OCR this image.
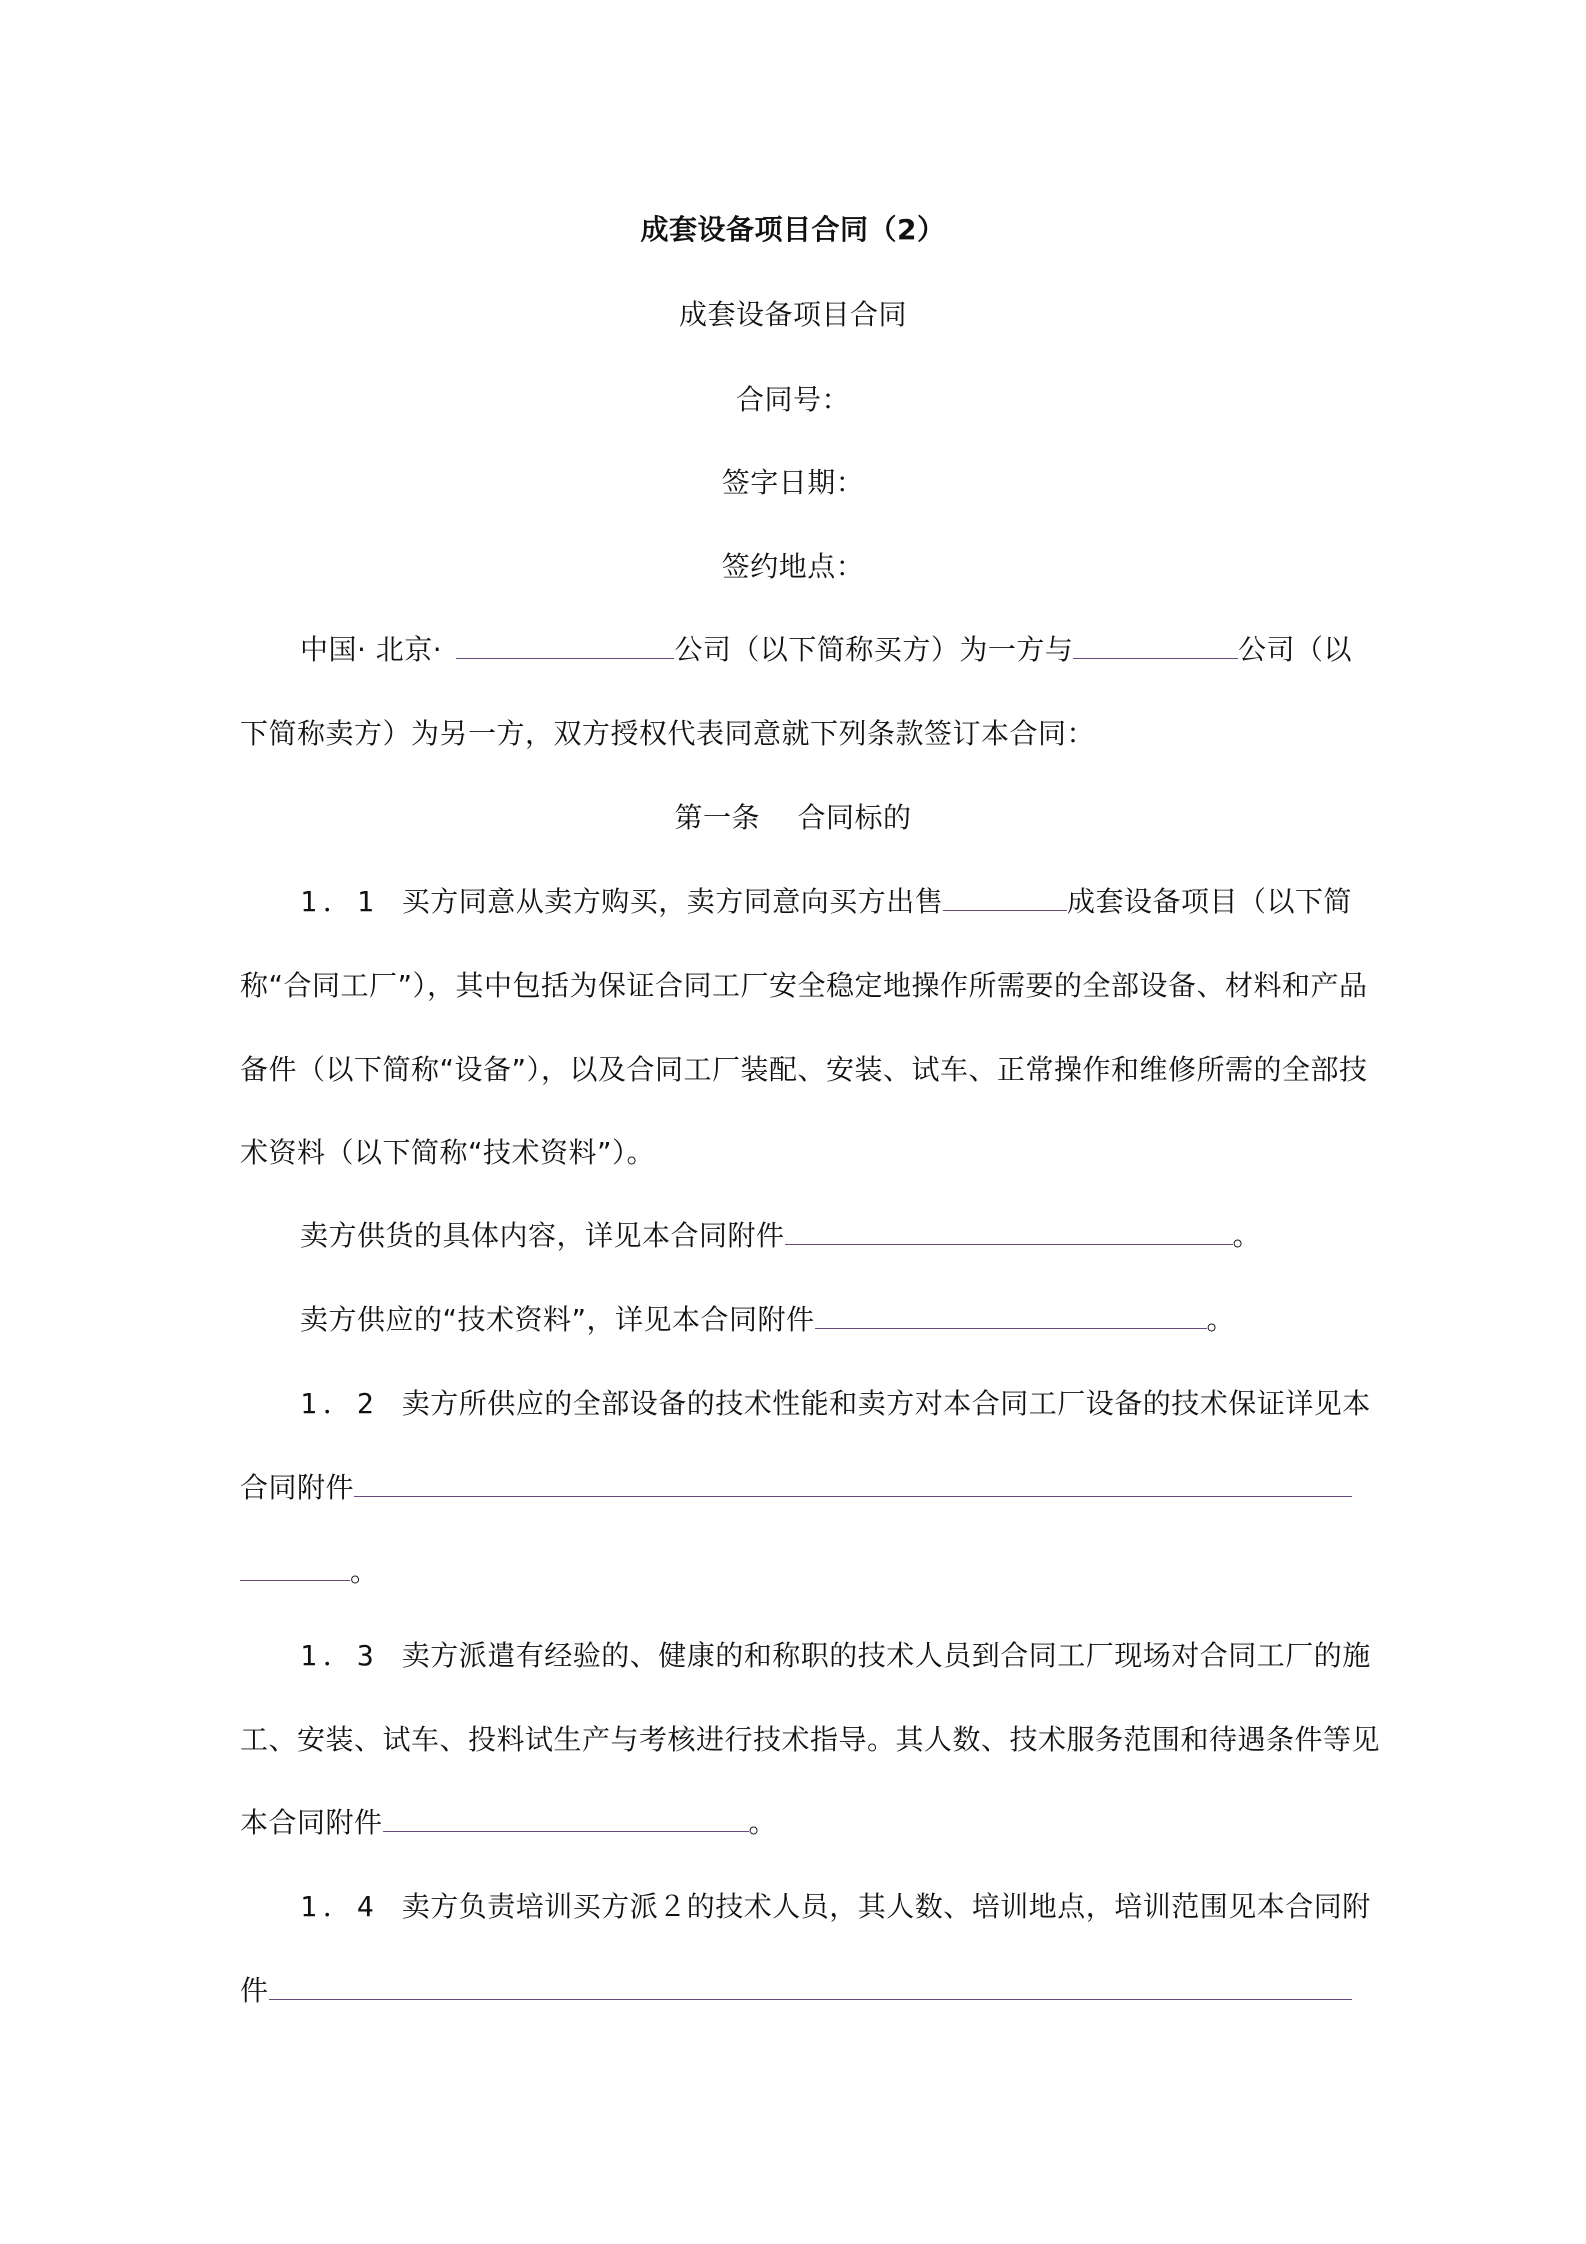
成套设备项目合同（2）
成套设备项目合同
合同号：
签字日期：
签约地点：
中国· 北京·	公司（以下简称买方）为一方与	公司（以
下简称卖方）为另一方，双方授权代表同意就下列条款签订本合同：
第一条    合同标的
1．1 买方同意从卖方购买，卖方同意向买方出售	成套设备项目（以下简
称“合同工厂”），其中包括为保证合同工厂安全稳定地操作所需要的全部设备、材料和产品
备件（以下简称“设备”），以及合同工厂装配、安装、试车、正常操作和维修所需的全部技
术资料（以下简称“技术资料”）。
卖方供货的具体内容，详见本合同附件	。
卖方供应的“技术资料”，详见本合同附件	。
1．2 卖方所供应的全部设备的技术性能和卖方对本合同工厂设备的技术保证详见本
合同附件
。
1．3 卖方派遣有经验的、健康的和称职的技术人员到合同工厂现场对合同工厂的施
工、安装、试车、投料试生产与考核进行技术指导。其人数、技术服务范围和待遇条件等见
本合同附件	。
1．4 卖方负责培训买方派２的技术人员，其人数、培训地点，培训范围见本合同附
件
